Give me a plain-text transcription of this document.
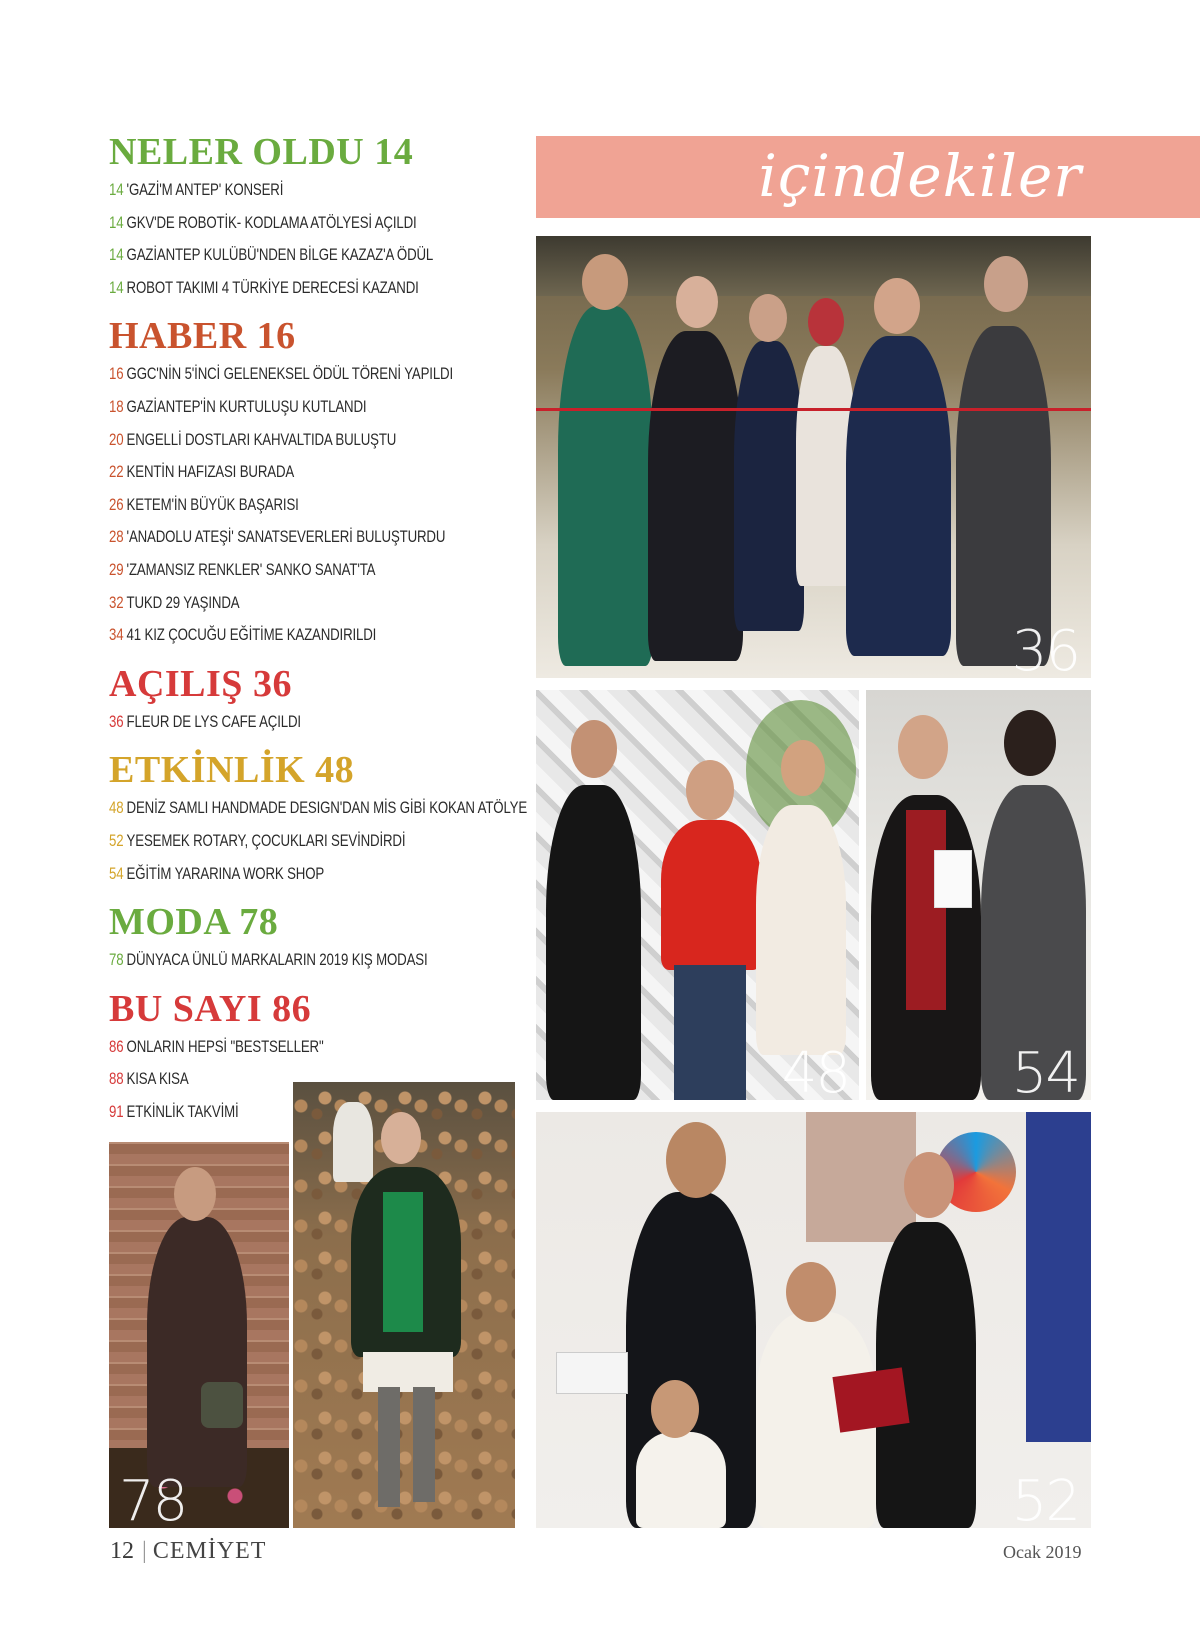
NELER OLDU 14
14 'GAZİ'M ANTEP' KONSERİ
14 GKV'DE ROBOTİK- KODLAMA ATÖLYESİ AÇILDI
14 GAZİANTEP KULÜBÜ'NDEN BİLGE KAZAZ'A ÖDÜL
14 ROBOT TAKIMI 4 TÜRKİYE DERECESİ KAZANDI
HABER 16
16 GGC'NİN 5'İNCİ GELENEKSEL ÖDÜL TÖRENİ YAPILDI
18 GAZİANTEP'İN KURTULUŞU KUTLANDI
20 ENGELLİ DOSTLARI KAHVALTIDA BULUŞTU
22 KENTİN HAFIZASI BURADA
26 KETEM'İN BÜYÜK BAŞARISI
28 'ANADOLU ATEŞİ' SANATSEVERLERİ BULUŞTURDU
29 'ZAMANSIZ RENKLER' SANKO SANAT'TA
32 TUKD 29 YAŞINDA
34 41 KIZ ÇOCUĞU EĞİTİME KAZANDIRILDI
AÇILIŞ 36
36 FLEUR DE LYS CAFE AÇILDI
ETKİNLİK 48
48 DENİZ SAMLI HANDMADE DESIGN'DAN MİS GİBİ KOKAN ATÖLYE
52 YESEMEK ROTARY, ÇOCUKLARI SEVİNDİRDİ
54 EĞİTİM YARARINA WORK SHOP
MODA 78
78 DÜNYACA ÜNLÜ MARKALARIN 2019 KIŞ MODASI
BU SAYI 86
86 ONLARIN HEPSİ "BESTSELLER"
88 KISA KISA
91 ETKİNLİK TAKVİMİ
içindekiler
36
48	54
52
78
12 | CEMİYET	Ocak 2019
